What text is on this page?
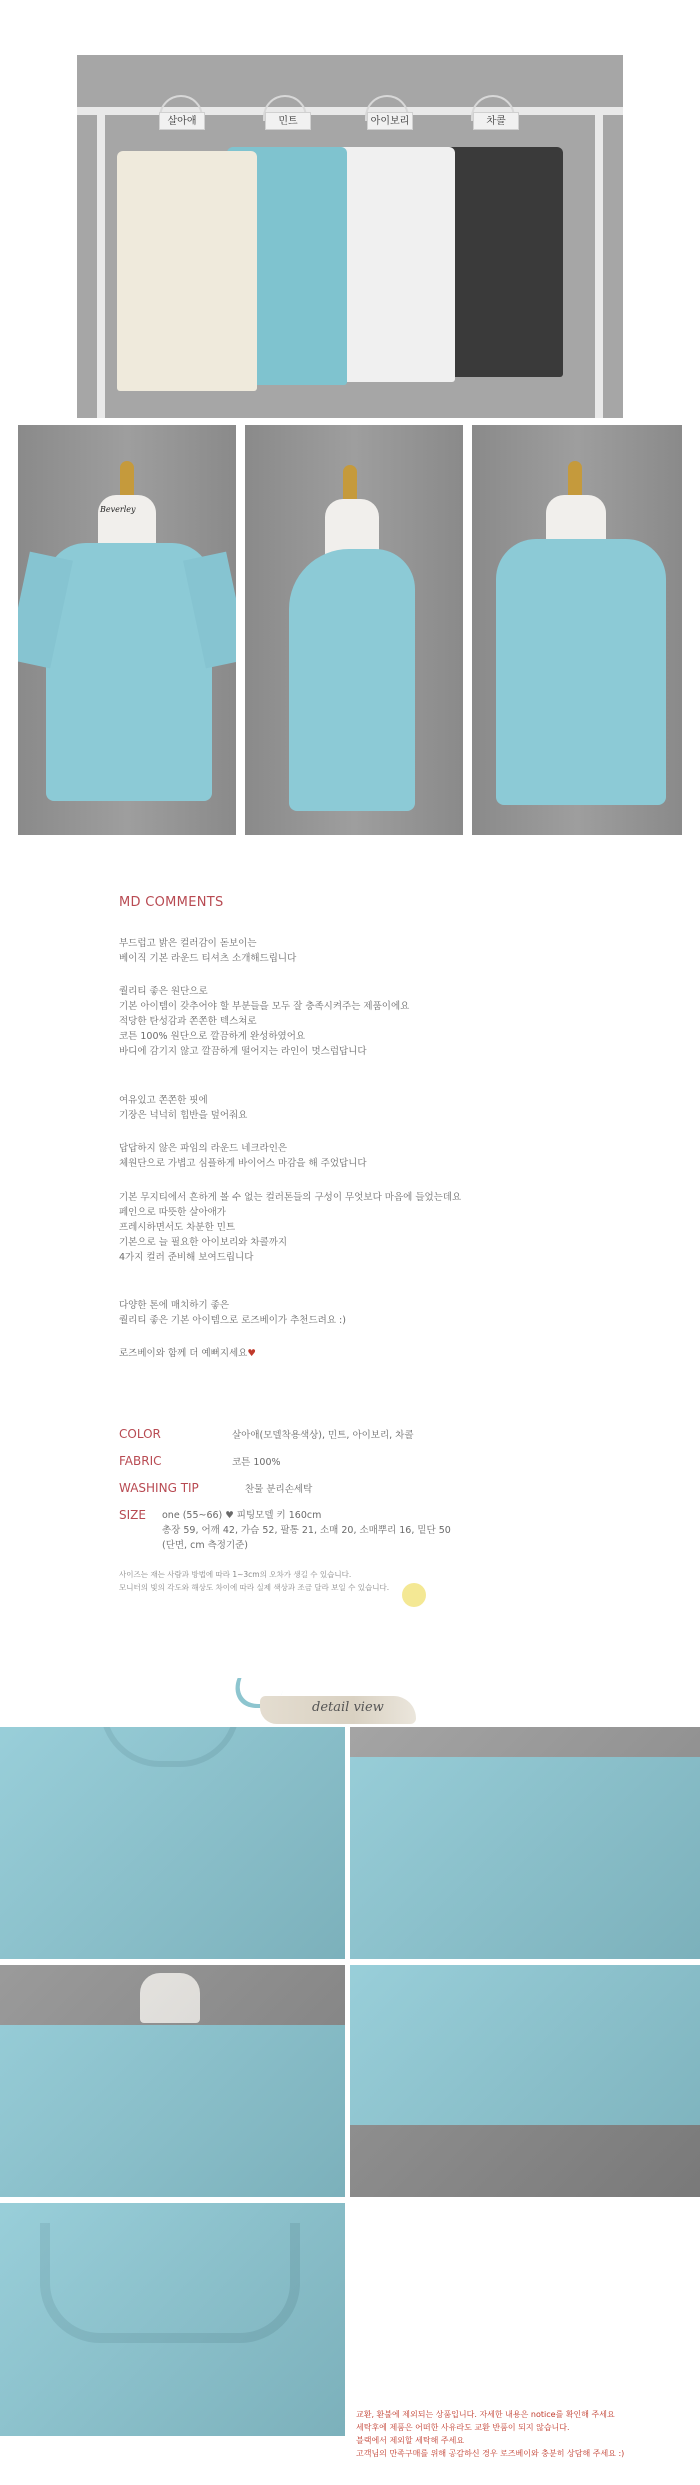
살아애	민트	아이보리	차콜
Beverley
MD COMMENTS
부드럽고 밝은 컬러감이 돋보이는
베이직 기본 라운드 티셔츠 소개해드립니다
퀄리티 좋은 원단으로
기본 아이템이 갖추어야 할 부분들을 모두 잘 충족시켜주는 제품이에요
적당한 탄성감과 쫀쫀한 텍스쳐로
코튼 100% 원단으로 깔끔하게 완성하였어요
바디에 감기지 않고 깔끔하게 떨어지는 라인이 멋스럽답니다
여유있고 쫀쫀한 핏에
기장은 넉넉히 힙반을 덮어줘요
답답하지 않은 파임의 라운드 네크라인은
체원단으로 가볍고 심플하게 바이어스 마감을 해 주었답니다
기본 무지티에서 흔하게 볼 수 없는 컬러톤들의 구성이 무엇보다 마음에 들었는데요
페인으로 따뜻한 살아애가
프레시하면서도 차분한 민트
기본으로 늘 필요한 아이보리와 차콜까지
4가지 컬러 준비해 보여드립니다
다양한 톤에 매치하기 좋은
퀄리티 좋은 기본 아이템으로 로즈베이가 추천드려요 :)
로즈베이와 함께 더 예뻐지세요♥
COLOR	살아애(모델착용색상), 민트, 아이보리, 차콜
FABRIC	코튼 100%
WASHING TIP	찬물 분리손세탁
SIZE one (55~66) ♥ 피팅모델 키 160cm
총장 59, 어깨 42, 가슴 52, 팔통 21, 소매 20, 소매뿌리 16, 밑단 50
(단면, cm 측정기준)
사이즈는 재는 사람과 방법에 따라 1~3cm의 오차가 생길 수 있습니다.
모니터의 빛의 각도와 해상도 차이에 따라 실제 색상과 조금 달라 보일 수 있습니다.
detail view
교환, 환불에 제외되는 상품입니다. 자세한 내용은 notice를 확인해 주세요
세탁후에 제품은 어떠한 사유라도 교환 반품이 되지 않습니다.
블랙에서 제외할 세탁해 주세요
고객님의 만족구매를 위해 공감하신 경우 로즈베이와 충분히 상담해 주세요 :)
